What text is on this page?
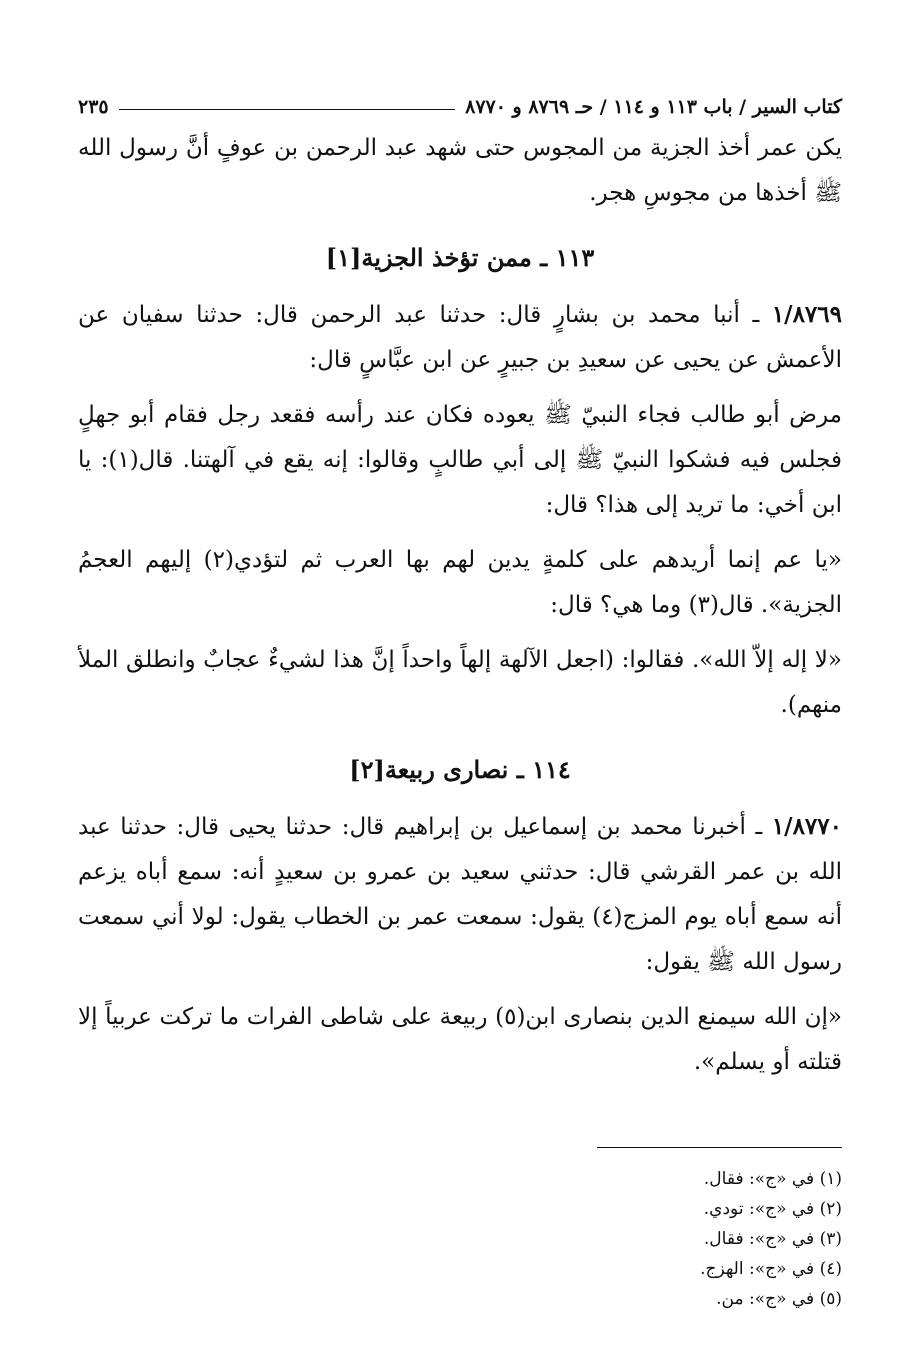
كتاب السير / باب ١١٣ و ١١٤ / حـ ٨٧٦٩ و ٨٧٧٠
٢٣٥

يكن عمر أخذ الجزية من المجوس حتى شهد عبد الرحمن بن عوفٍ أنَّ رسول الله ﷺ أخذها من مجوسِ هجر.

١١٣ ـ ممن تؤخذ الجزية[١]

١/٨٧٦٩ ـ أنبا محمد بن بشارٍ قال: حدثنا عبد الرحمن قال: حدثنا سفيان عن الأعمش عن يحيى عن سعيدِ بن جبيرٍ عن ابن عبَّاسٍ قال:

مرض أبو طالب فجاء النبيّ ﷺ يعوده فكان عند رأسه فقعد رجل فقام أبو جهلٍ فجلس فيه فشكوا النبيّ ﷺ إلى أبي طالبٍ وقالوا: إنه يقع في آلهتنا. قال(١): يا ابن أخي: ما تريد إلى هذا؟ قال:

«يا عم إنما أريدهم على كلمةٍ يدين لهم بها العرب ثم لتؤدي(٢) إليهم العجمُ الجزية». قال(٣) وما هي؟ قال:

«لا إله إلاّ الله». فقالوا: (اجعل الآلهة إلهاً واحداً إنَّ هذا لشيءٌ عجابٌ وانطلق الملأ منهم).

١١٤ ـ نصارى ربيعة[٢]

١/٨٧٧٠ ـ أخبرنا محمد بن إسماعيل بن إبراهيم قال: حدثنا يحيى قال: حدثنا عبد الله بن عمر القرشي قال: حدثني سعيد بن عمرو بن سعيدٍ أنه: سمع أباه يزعم أنه سمع أباه يوم المزج(٤) يقول: سمعت عمر بن الخطاب يقول: لولا أني سمعت رسول الله ﷺ يقول:

«إن الله سيمنع الدين بنصارى ابن(٥) ربيعة على شاطى الفرات ما تركت عربياً إلا قتلته أو يسلم».

(١) في «ج»: فقال.
(٢) في «ج»: تودي.
(٣) في «ج»: فقال.
(٤) في «ج»: الهزج.
(٥) في «ج»: من.
